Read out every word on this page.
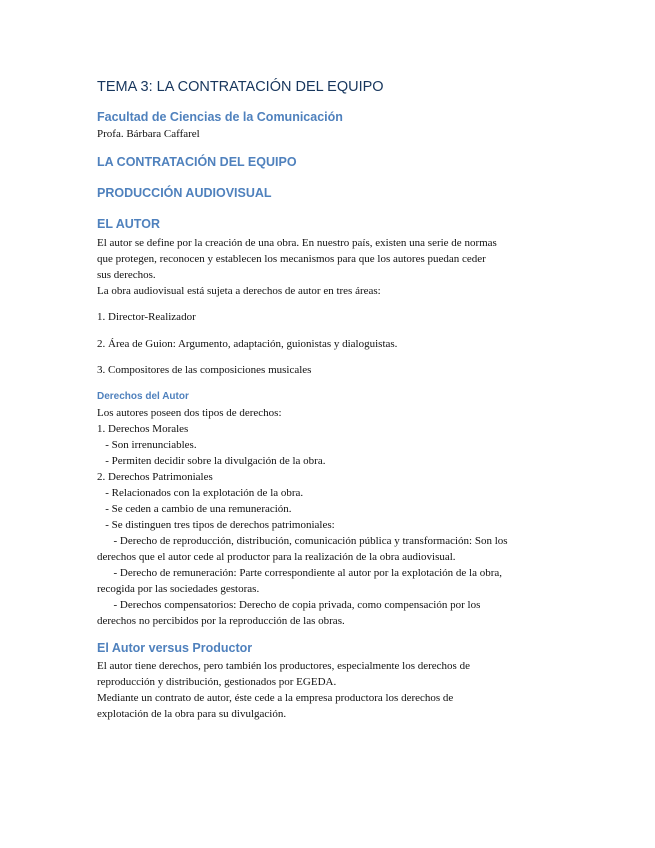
TEMA 3: LA CONTRATACIÓN DEL EQUIPO
Facultad de Ciencias de la Comunicación

Profa. Bárbara Caffarel

LA CONTRATACIÓN DEL EQUIPO
PRODUCCIÓN AUDIOVISUAL
EL AUTOR

El autor se define por la creación de una obra. En nuestro país, existen una serie de normas

que protegen, reconocen y establecen los mecanismos para que los autores puedan ceder

sus derechos.

La obra audiovisual está sujeta a derechos de autor en tres áreas:

1. Director-Realizador

2. Área de Guion: Argumento, adaptación, guionistas y dialoguistas.

3. Compositores de las composiciones musicales

Derechos del Autor

Los autores poseen dos tipos de derechos:

1. Derechos Morales

- Son irrenunciables.

- Permiten decidir sobre la divulgación de la obra.

2. Derechos Patrimoniales

- Relacionados con la explotación de la obra.

- Se ceden a cambio de una remuneración.

- Se distinguen tres tipos de derechos patrimoniales:

- Derecho de reproducción, distribución, comunicación pública y transformación: Son los

derechos que el autor cede al productor para la realización de la obra audiovisual.

- Derecho de remuneración: Parte correspondiente al autor por la explotación de la obra,

recogida por las sociedades gestoras.

- Derechos compensatorios: Derecho de copia privada, como compensación por los

derechos no percibidos por la reproducción de las obras.

El Autor versus Productor

El autor tiene derechos, pero también los productores, especialmente los derechos de

reproducción y distribución, gestionados por EGEDA.

Mediante un contrato de autor, éste cede a la empresa productora los derechos de

explotación de la obra para su divulgación.
